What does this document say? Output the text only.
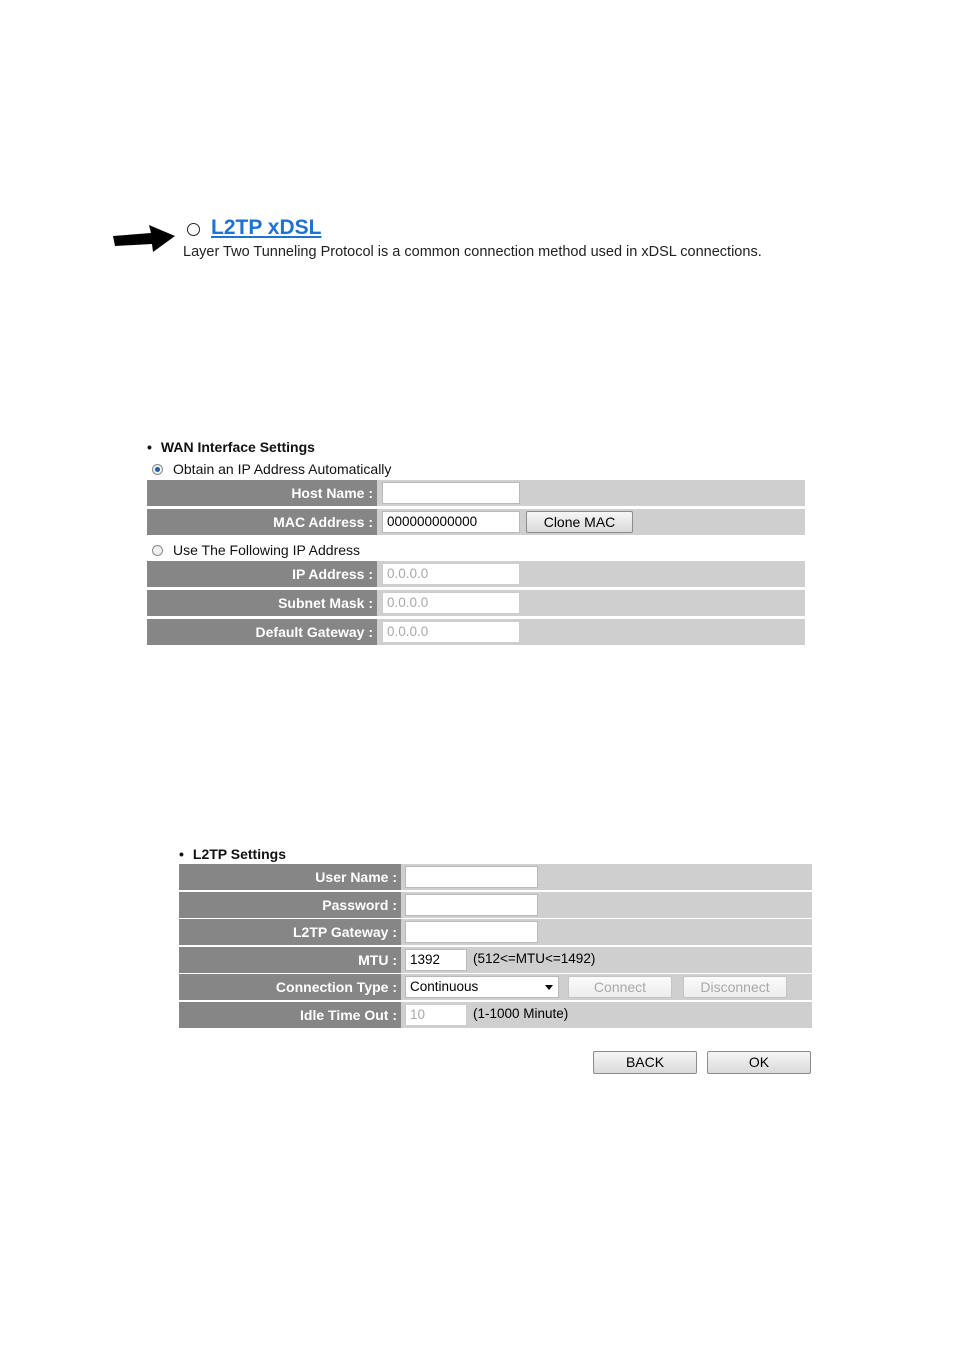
L2TP xDSL
Layer Two Tunneling Protocol is a common connection method used in xDSL connections.
• WAN Interface Settings
Obtain an IP Address Automatically
Host Name :
MAC Address :	000000000000	Clone MAC
Use The Following IP Address
IP Address :	0.0.0.0
Subnet Mask :	0.0.0.0
Default Gateway :	0.0.0.0
• L2TP Settings
User Name :
Password :
L2TP Gateway :
MTU : 1392	(512<=MTU<=1492)
Connection Type : Continuous	Connect	Disconnect
Idle Time Out : 10	(1-1000 Minute)
BACK	OK
